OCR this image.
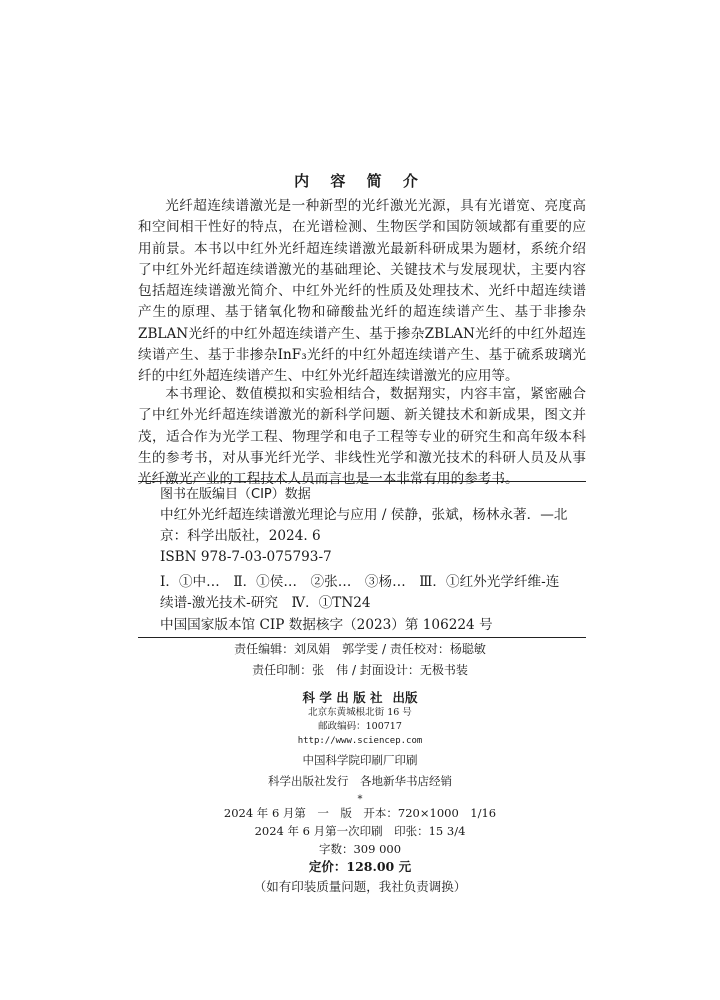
内 容 简 介

光纤超连续谱激光是一种新型的光纤激光光源，具有光谱宽、亮度高和空间相干性好的特点，在光谱检测、生物医学和国防领域都有重要的应用前景。本书以中红外光纤超连续谱激光最新科研成果为题材，系统介绍了中红外光纤超连续谱激光的基础理论、关键技术与发展现状，主要内容包括超连续谱激光简介、中红外光纤的性质及处理技术、光纤中超连续谱产生的原理、基于锗氧化物和碲酸盐光纤的超连续谱产生、基于非掺杂ZBLAN光纤的中红外超连续谱产生、基于掺杂ZBLAN光纤的中红外超连续谱产生、基于非掺杂InF₃光纤的中红外超连续谱产生、基于硫系玻璃光纤的中红外超连续谱产生、中红外光纤超连续谱激光的应用等。

本书理论、数值模拟和实验相结合，数据翔实，内容丰富，紧密融合了中红外光纤超连续谱激光的新科学问题、新关键技术和新成果，图文并茂，适合作为光学工程、物理学和电子工程等专业的研究生和高年级本科生的参考书，对从事光纤光学、非线性光学和激光技术的科研人员及从事光纤激光产业的工程技术人员而言也是一本非常有用的参考书。

图书在版编目（CIP）数据
中红外光纤超连续谱激光理论与应用 / 侯静，张斌，杨林永著．—北京：科学出版社，2024. 6
ISBN 978-7-03-075793-7
Ⅰ．①中…　Ⅱ．①侯…　②张…　③杨…　Ⅲ．①红外光学纤维-连续谱-激光技术-研究　Ⅳ．①TN24
中国国家版本馆 CIP 数据核字（2023）第 106224 号
责任编辑：刘凤娟　郭学雯 / 责任校对：杨聪敏
责任印制：张　伟 / 封面设计：无极书装
科 学 出 版 社 出版
北京东黄城根北街 16 号
邮政编码：100717
http://www.sciencep.com
中国科学院印刷厂印刷
科学出版社发行　各地新华书店经销
*
2024 年 6 月第　一　版　开本：720×1000　1/16
2024 年 6 月第一次印刷　印张：15 3/4
字数：309 000
定价：128.00 元
（如有印装质量问题，我社负责调换）
